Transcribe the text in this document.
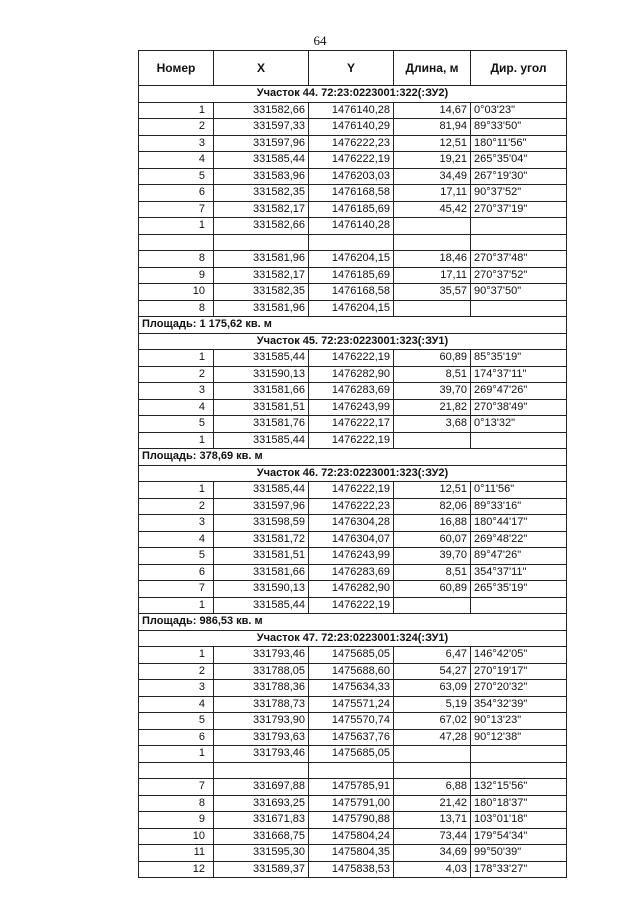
64
Номер	X	Y	Длина, м	Дир. угол
Участок 44. 72:23:0223001:322(:ЗУ2)				
1	331582,66	1476140,28	14,67	0°03'23"
2	331597,33	1476140,29	81,94	89°33'50"
3	331597,96	1476222,23	12,51	180°11'56"
4	331585,44	1476222,19	19,21	265°35'04"
5	331583,96	1476203,03	34,49	267°19'30"
6	331582,35	1476168,58	17,11	90°37'52"
7	331582,17	1476185,69	45,42	270°37'19"
1	331582,66	1476140,28		

8	331581,96	1476204,15	18,46	270°37'48"
9	331582,17	1476185,69	17,11	270°37'52"
10	331582,35	1476168,58	35,57	90°37'50"
8	331581,96	1476204,15		
Площадь: 1 175,62 кв. м				
Участок 45. 72:23:0223001:323(:ЗУ1)				
1	331585,44	1476222,19	60,89	85°35'19"
2	331590,13	1476282,90	8,51	174°37'11"
3	331581,66	1476283,69	39,70	269°47'26"
4	331581,51	1476243,99	21,82	270°38'49"
5	331581,76	1476222,17	3,68	0°13'32"
1	331585,44	1476222,19		
Площадь: 378,69 кв. м				
Участок 46. 72:23:0223001:323(:ЗУ2)				
1	331585,44	1476222,19	12,51	0°11'56"
2	331597,96	1476222,23	82,06	89°33'16"
3	331598,59	1476304,28	16,88	180°44'17"
4	331581,72	1476304,07	60,07	269°48'22"
5	331581,51	1476243,99	39,70	89°47'26"
6	331581,66	1476283,69	8,51	354°37'11"
7	331590,13	1476282,90	60,89	265°35'19"
1	331585,44	1476222,19		
Площадь: 986,53 кв. м				
Участок 47. 72:23:0223001:324(:ЗУ1)				
1	331793,46	1475685,05	6,47	146°42'05"
2	331788,05	1475688,60	54,27	270°19'17"
3	331788,36	1475634,33	63,09	270°20'32"
4	331788,73	1475571,24	5,19	354°32'39"
5	331793,90	1475570,74	67,02	90°13'23"
6	331793,63	1475637,76	47,28	90°12'38"
1	331793,46	1475685,05		

7	331697,88	1475785,91	6,88	132°15'56"
8	331693,25	1475791,00	21,42	180°18'37"
9	331671,83	1475790,88	13,71	103°01'18"
10	331668,75	1475804,24	73,44	179°54'34"
11	331595,30	1475804,35	34,69	99°50'39"
12	331589,37	1475838,53	4,03	178°33'27"
